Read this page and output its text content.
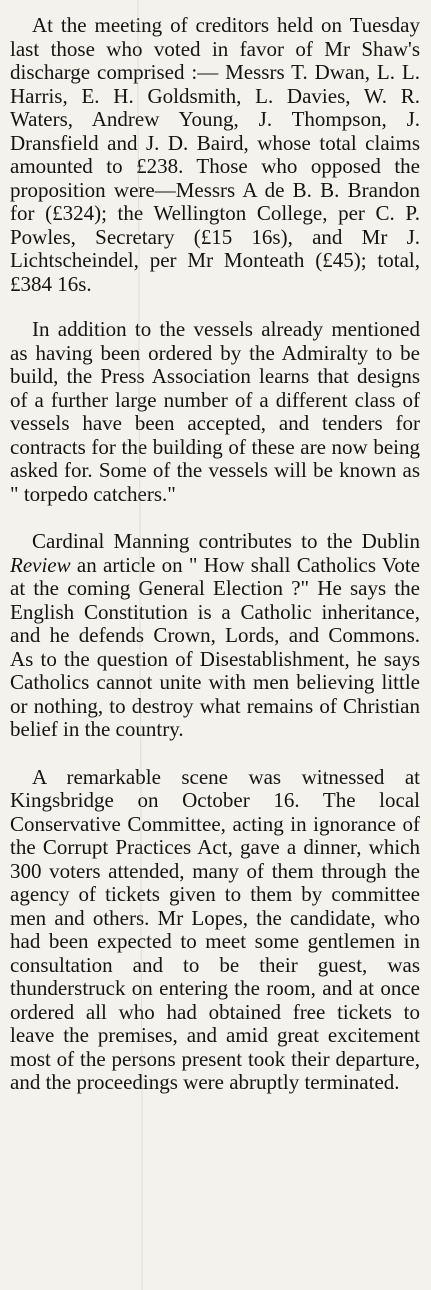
At the meeting of creditors held on Tuesday last those who voted in favor of Mr Shaw's discharge comprised :— Messrs T. Dwan, L. L. Harris, E. H. Goldsmith, L. Davies, W. R. Waters, Andrew Young, J. Thompson, J. Dransfield and J. D. Baird, whose total claims amounted to £238. Those who opposed the proposition were—Messrs A de B. B. Brandon for (£324); the Wellington College, per C. P. Powles, Secretary (£15 16s), and Mr J. Lichtscheindel, per Mr Monteath (£45); total, £384 16s.

In addition to the vessels already mentioned as having been ordered by the Admiralty to be build, the Press Association learns that designs of a further large number of a different class of vessels have been accepted, and tenders for contracts for the building of these are now being asked for. Some of the vessels will be known as " torpedo catchers."

Cardinal Manning contributes to the Dublin Review an article on " How shall Catholics Vote at the coming General Election ?" He says the English Constitution is a Catholic inheritance, and he defends Crown, Lords, and Commons. As to the question of Disestablishment, he says Catholics cannot unite with men believing little or nothing, to destroy what remains of Christian belief in the country.

A remarkable scene was witnessed at Kingsbridge on October 16. The local Conservative Committee, acting in ignorance of the Corrupt Practices Act, gave a dinner, which 300 voters attended, many of them through the agency of tickets given to them by committee men and others. Mr Lopes, the candidate, who had been expected to meet some gentlemen in consultation and to be their guest, was thunderstruck on entering the room, and at once ordered all who had obtained free tickets to leave the premises, and amid great excitement most of the persons present took their departure, and the proceedings were abruptly terminated.
